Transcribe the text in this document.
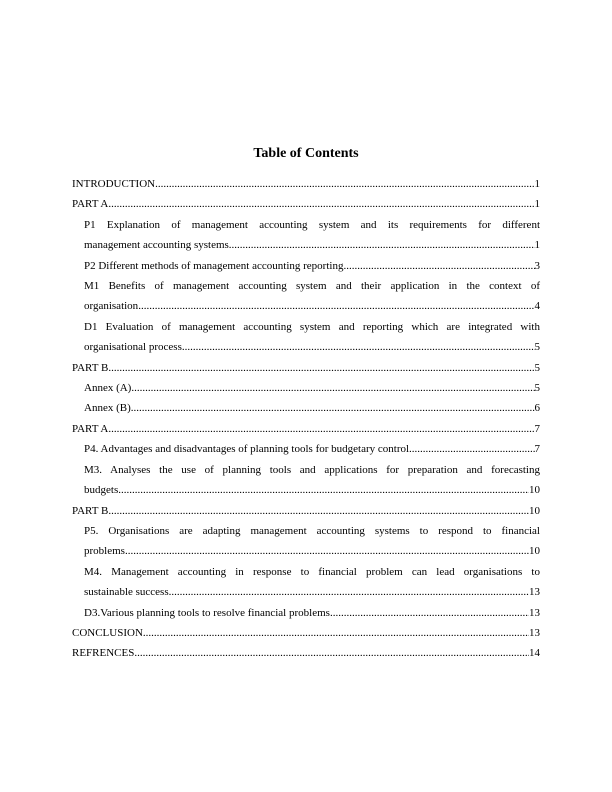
Table of Contents
INTRODUCTION .....	1
PART A .....	1
P1 Explanation of management accounting system and its requirements for different
management accounting systems .....	1
P2 Different methods of management accounting reporting .....	3
M1 Benefits of management accounting system and their application in the context of
organisation .....	4
D1 Evaluation of management accounting system and reporting which are integrated with
organisational process .....	5
PART B .....	5
Annex (A) .....	5
Annex (B) .....	6
PART A .....	7
P4. Advantages and disadvantages of planning tools for budgetary control .....	7
M3. Analyses the use of planning tools and applications for preparation and forecasting
budgets .....	10
PART B .....	10
P5. Organisations are adapting management accounting systems to respond to financial
problems .....	10
M4. Management accounting in response to financial problem can lead organisations to
sustainable success .....	13
D3.Various planning tools to resolve financial problems .....	13
CONCLUSION .....	13
REFRENCES .....	14
